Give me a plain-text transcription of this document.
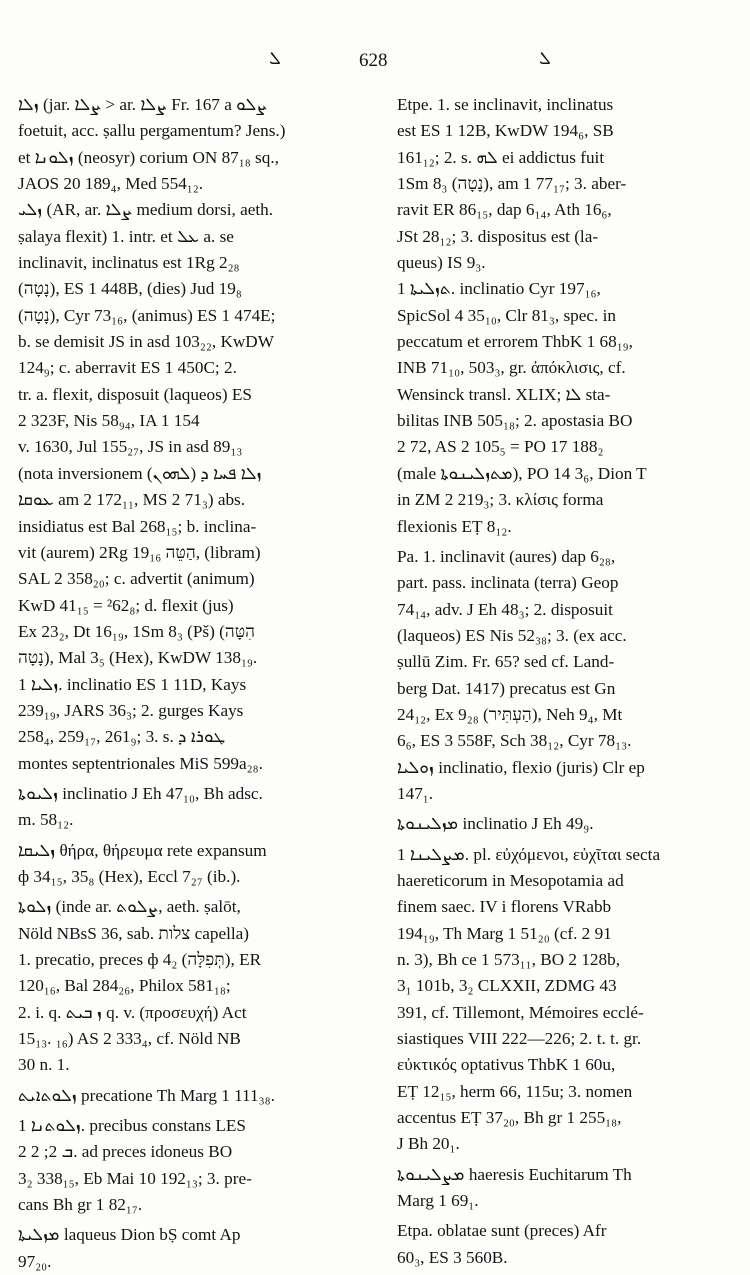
ܠ	628	ܠ

ܙܠܐ (jar. ܨܠܐ > ar. ܨܠܐ Fr. 167 a ܨܠܘ
foetuit, acc. ṣallu pergamentum? Jens.)
et ܙܠܘܢܐ (neosyr) corium ON 87₁₈ sq.,
JAOS 20 189₄, Med 554₁₂.

ܙܠܝ (AR, ar. ܨܠܐ medium dorsi, aeth.
ṣalaya flexit) 1. intr. et ܥܠ a. se
inclinavit, inclinatus est 1Rg 2₂₈
(נָטָה), ES 1 448B, (dies) Jud 19₈
(נָטָה), Cyr 73₁₆, (animus) ES 1 474E;
b. se demisit JS in asd 103₂₂, KwDW
124₉; c. aberravit ES 1 450C; 2.
tr. a. flexit, disposuit (laqueos) ES
2 323F, Nis 58₉₄, IA 1 154
v. 1630, Jul 155₂₇, JS in asd 89₁₃
(nota inversionem (ܠܗܘܢ) ܙܠܐ ܦܚܐ ܕ
ܥܘܩܐ am 2 172₁₁, MS 2 71₃) abs.
insidiatus est Bal 268₁₅; b. inclina-
vit (aurem) 2Rg 19₁₆ הַטֵּה, (libram)
SAL 2 358₂₀; c. advertit (animum)
KwD 41₁₅ = ²62₈; d. flexit (jus)
Ex 23₂, Dt 16₁₉, 1Sm 8₃ (Pš) (הִטָּה
נָטָה), Mal 3₅ (Hex), KwDW 138₁₉.

ܙܠܝܐ 1. inclinatio ES 1 11D, Kays
239₁₉, JARS 36₃; 2. gurges Kays
258₄, 259₁₇, 261₉; 3. s. ܛܘܪܐ ܕ
montes septentrionales MiS 599a₂₈.

ܙܠܝܘܬܐ inclinatio J Eh 47₁₀, Bh adsc.
m. 58₁₂.

ܙܠܝܩܐ θήρα, θήρευμα rete expansum
ф 34₁₅, 35₈ (Hex), Eccl 7₂₇ (ib.).

ܙܠܘܬܐ (inde ar. ܨܠܘܬ, aeth. ṣalōt,
Nöld NBsS 36, sab. צלות capella)
1. precatio, preces ф 4₂ (תְּפִלָּה), ER
120₁₆, Bal 284₂₆, Philox 581₁₈;
2. i. q. ܙ ܒܝܬ q. v. (προσευχή) Act
15₁₃. ₁₆) AS 2 333₄, cf. Nöld NB
30 n. 1.

ܙܠܘܬܐܝܬ precatione Th Marg 1 111₃₈.

ܙܠܘܬܢܐ 1. precibus constans LES
2 ܒ 2; 2. ad preces idoneus BO
3₂ 338₁₅, Eb Mai 10 192₁₃; 3. pre-
cans Bh gr 1 82₁₇.

ܡܙܠܝܬܐ laqueus Dion bṢ comt Ap
97₂₀.

Etpe. 1. se inclinavit, inclinatus
est ES 1 12B, KwDW 194₆, SB
161₁₂; 2. s. ܠܗ ei addictus fuit
1Sm 8₃ (נָטָה), am 1 77₁₇; 3. aber-
ravit ER 86₁₅, dap 6₁₄, Ath 16₆,
JSt 28₁₂; 3. dispositus est (la-
queus) IS 9₃.

ܬܙܠܝܬܐ 1. inclinatio Cyr 197₁₆,
SpicSol 4 35₁₀, Clr 81₃, spec. in
peccatum et errorem ThbK 1 68₁₉,
INB 71₁₀, 503₃, gr. ἀπόκλισις, cf.
Wensinck transl. XLIX; ܠܐ sta-
bilitas INB 505₁₈; 2. apostasia BO
2 72, AS 2 105₅ = PO 17 188₂
(male ܡܬܙܠܝܢܘܬܐ), PO 14 3₆, Dion T
in ZM 2 219₃; 3. κλίσις forma
flexionis EṬ 8₁₂.

Pa. 1. inclinavit (aures) dap 6₂₈,
part. pass. inclinata (terra) Geop
74₁₄, adv. J Eh 48₃; 2. disposuit
(laqueos) ES Nis 52₃₈; 3. (ex acc.
ṣullū Zim. Fr. 65? sed cf. Land-
berg Dat. 1417) precatus est Gn
24₁₂, Ex 9₂₈ (הַעְתִּיר), Neh 9₄, Mt
6₆, ES 3 558F, Sch 38₁₂, Cyr 78₁₃.

ܙܘܠܝܐ inclinatio, flexio (juris) Clr ep
147₁.

ܡܙܠܝܢܘܬܐ inclinatio J Eh 49₉.

ܡܨܠܝܢܐ 1. pl. εὐχόμενοι, εὐχῖται secta
haereticorum in Mesopotamia ad
finem saec. IV i florens VRabb
194₁₉, Th Marg 1 51₂₀ (cf. 2 91
n. 3), Bh ce 1 573₁₁, BO 2 128b,
3₁ 101b, 3₂ CLXXII, ZDMG 43
391, cf. Tillemont, Mémoires ecclé-
siastiques VIII 222—226; 2. t. t. gr.
εὐκτικός optativus ThbK 1 60u,
EṬ 12₁₅, herm 66, 115u; 3. nomen
accentus EṬ 37₂₀, Bh gr 1 255₁₈,
J Bh 20₁.

ܡܨܠܝܢܘܬܐ haeresis Euchitarum Th
Marg 1 69₁.

Etpa. oblatae sunt (preces) Afr
60₃, ES 3 560B.
